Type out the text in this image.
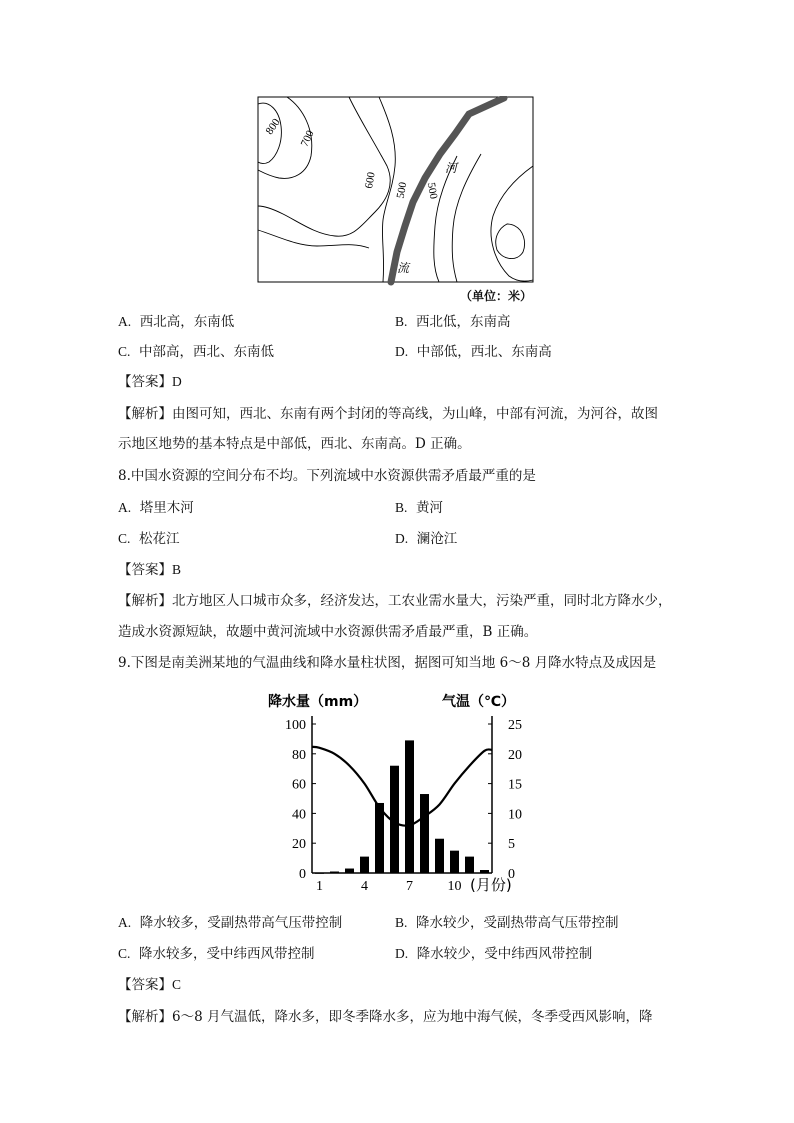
800
700
600
500 500
河
流
（单位：米）
A. 西北高，东南低	B. 西北低，东南高
C. 中部高，西北、东南低	D. 中部低，西北、东南高
【答案】D
【解析】由图可知，西北、东南有两个封闭的等高线，为山峰，中部有河流，为河谷，故图
示地区地势的基本特点是中部低，西北、东南高。D 正确。
8.中国水资源的空间分布不均。下列流域中水资源供需矛盾最严重的是
A. 塔里木河	B. 黄河
C. 松花江	D. 澜沧江
【答案】B
【解析】北方地区人口城市众多，经济发达，工农业需水量大，污染严重，同时北方降水少，
造成水资源短缺，故题中黄河流域中水资源供需矛盾最严重，B 正确。
9.下图是南美洲某地的气温曲线和降水量柱状图，据图可知当地 6～8 月降水特点及成因是
降水量（mm）	气温（℃）
0
20
40
60
80
100
0
5
10
15
20
25
1	4	7 10 (月份)
A. 降水较多，受副热带高气压带控制	B. 降水较少，受副热带高气压带控制
C. 降水较多，受中纬西风带控制	D. 降水较少，受中纬西风带控制
【答案】C
【解析】6～8 月气温低，降水多，即冬季降水多，应为地中海气候，冬季受西风影响，降
